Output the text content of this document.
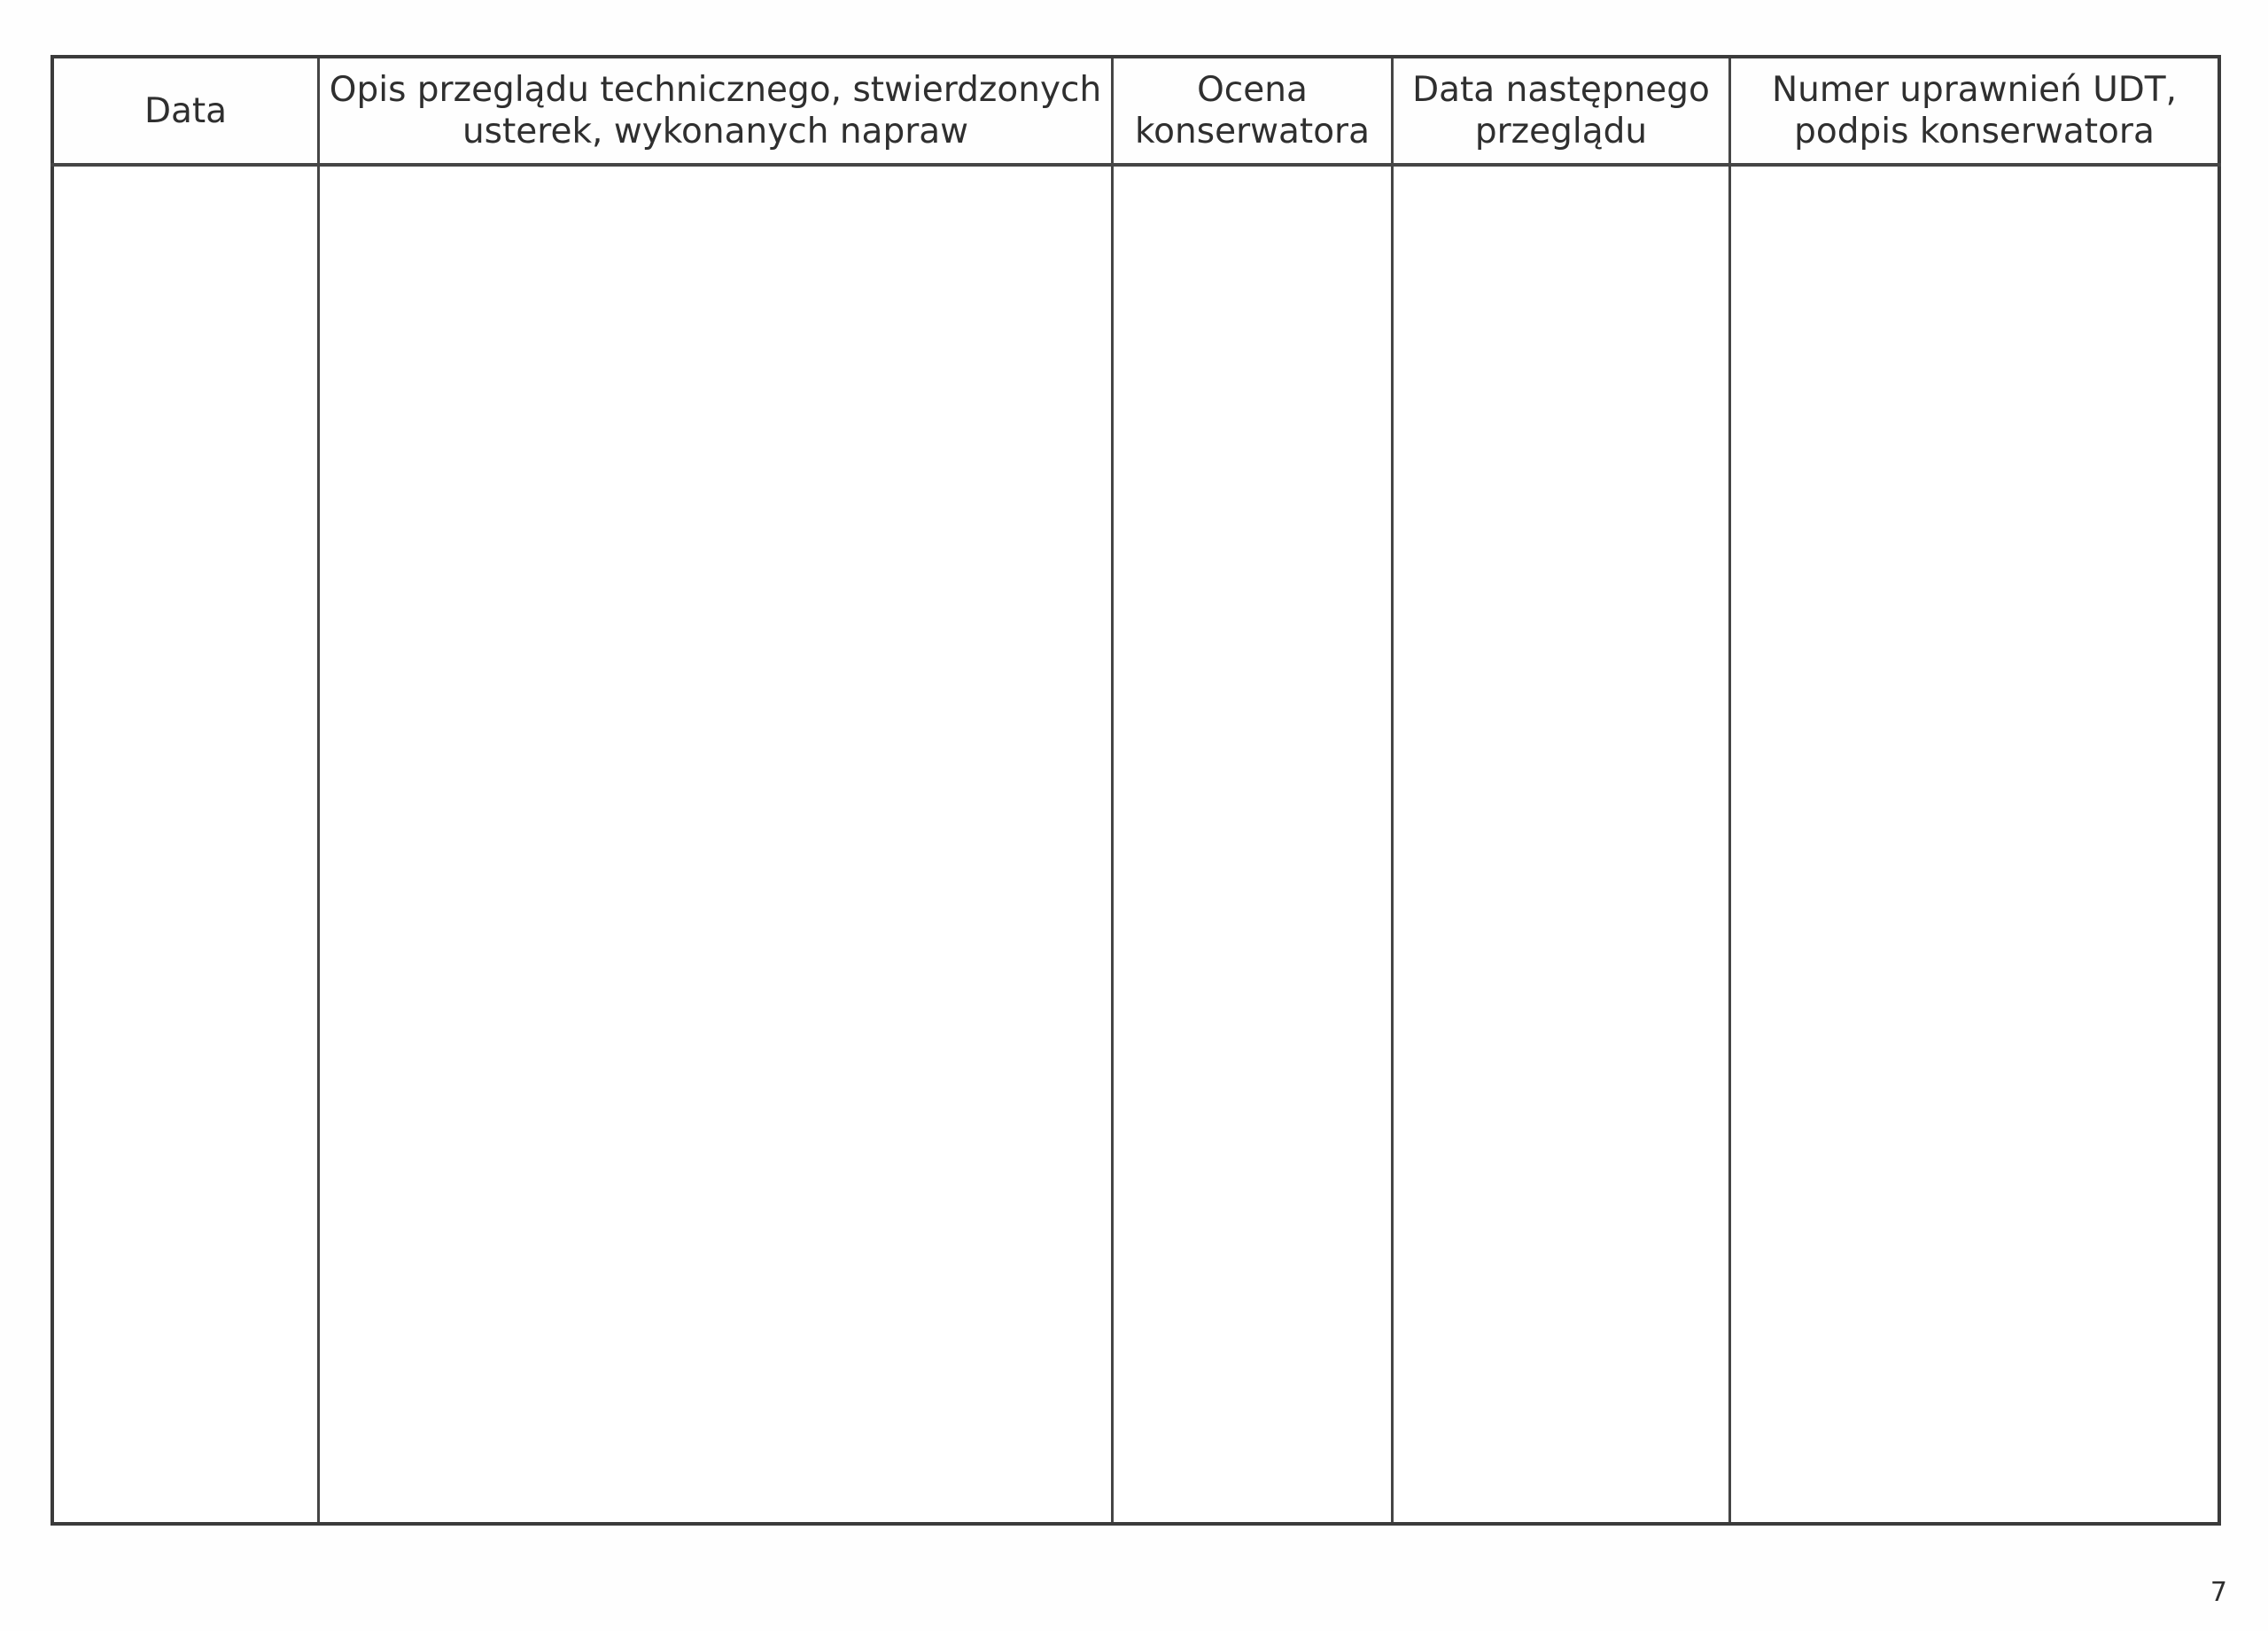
Data	Opis przeglądu technicznego, stwierdzonych usterek, wykonanych napraw	Ocena konserwatora	Data następnego przeglądu	Numer uprawnień UDT, podpis konserwatora

7
